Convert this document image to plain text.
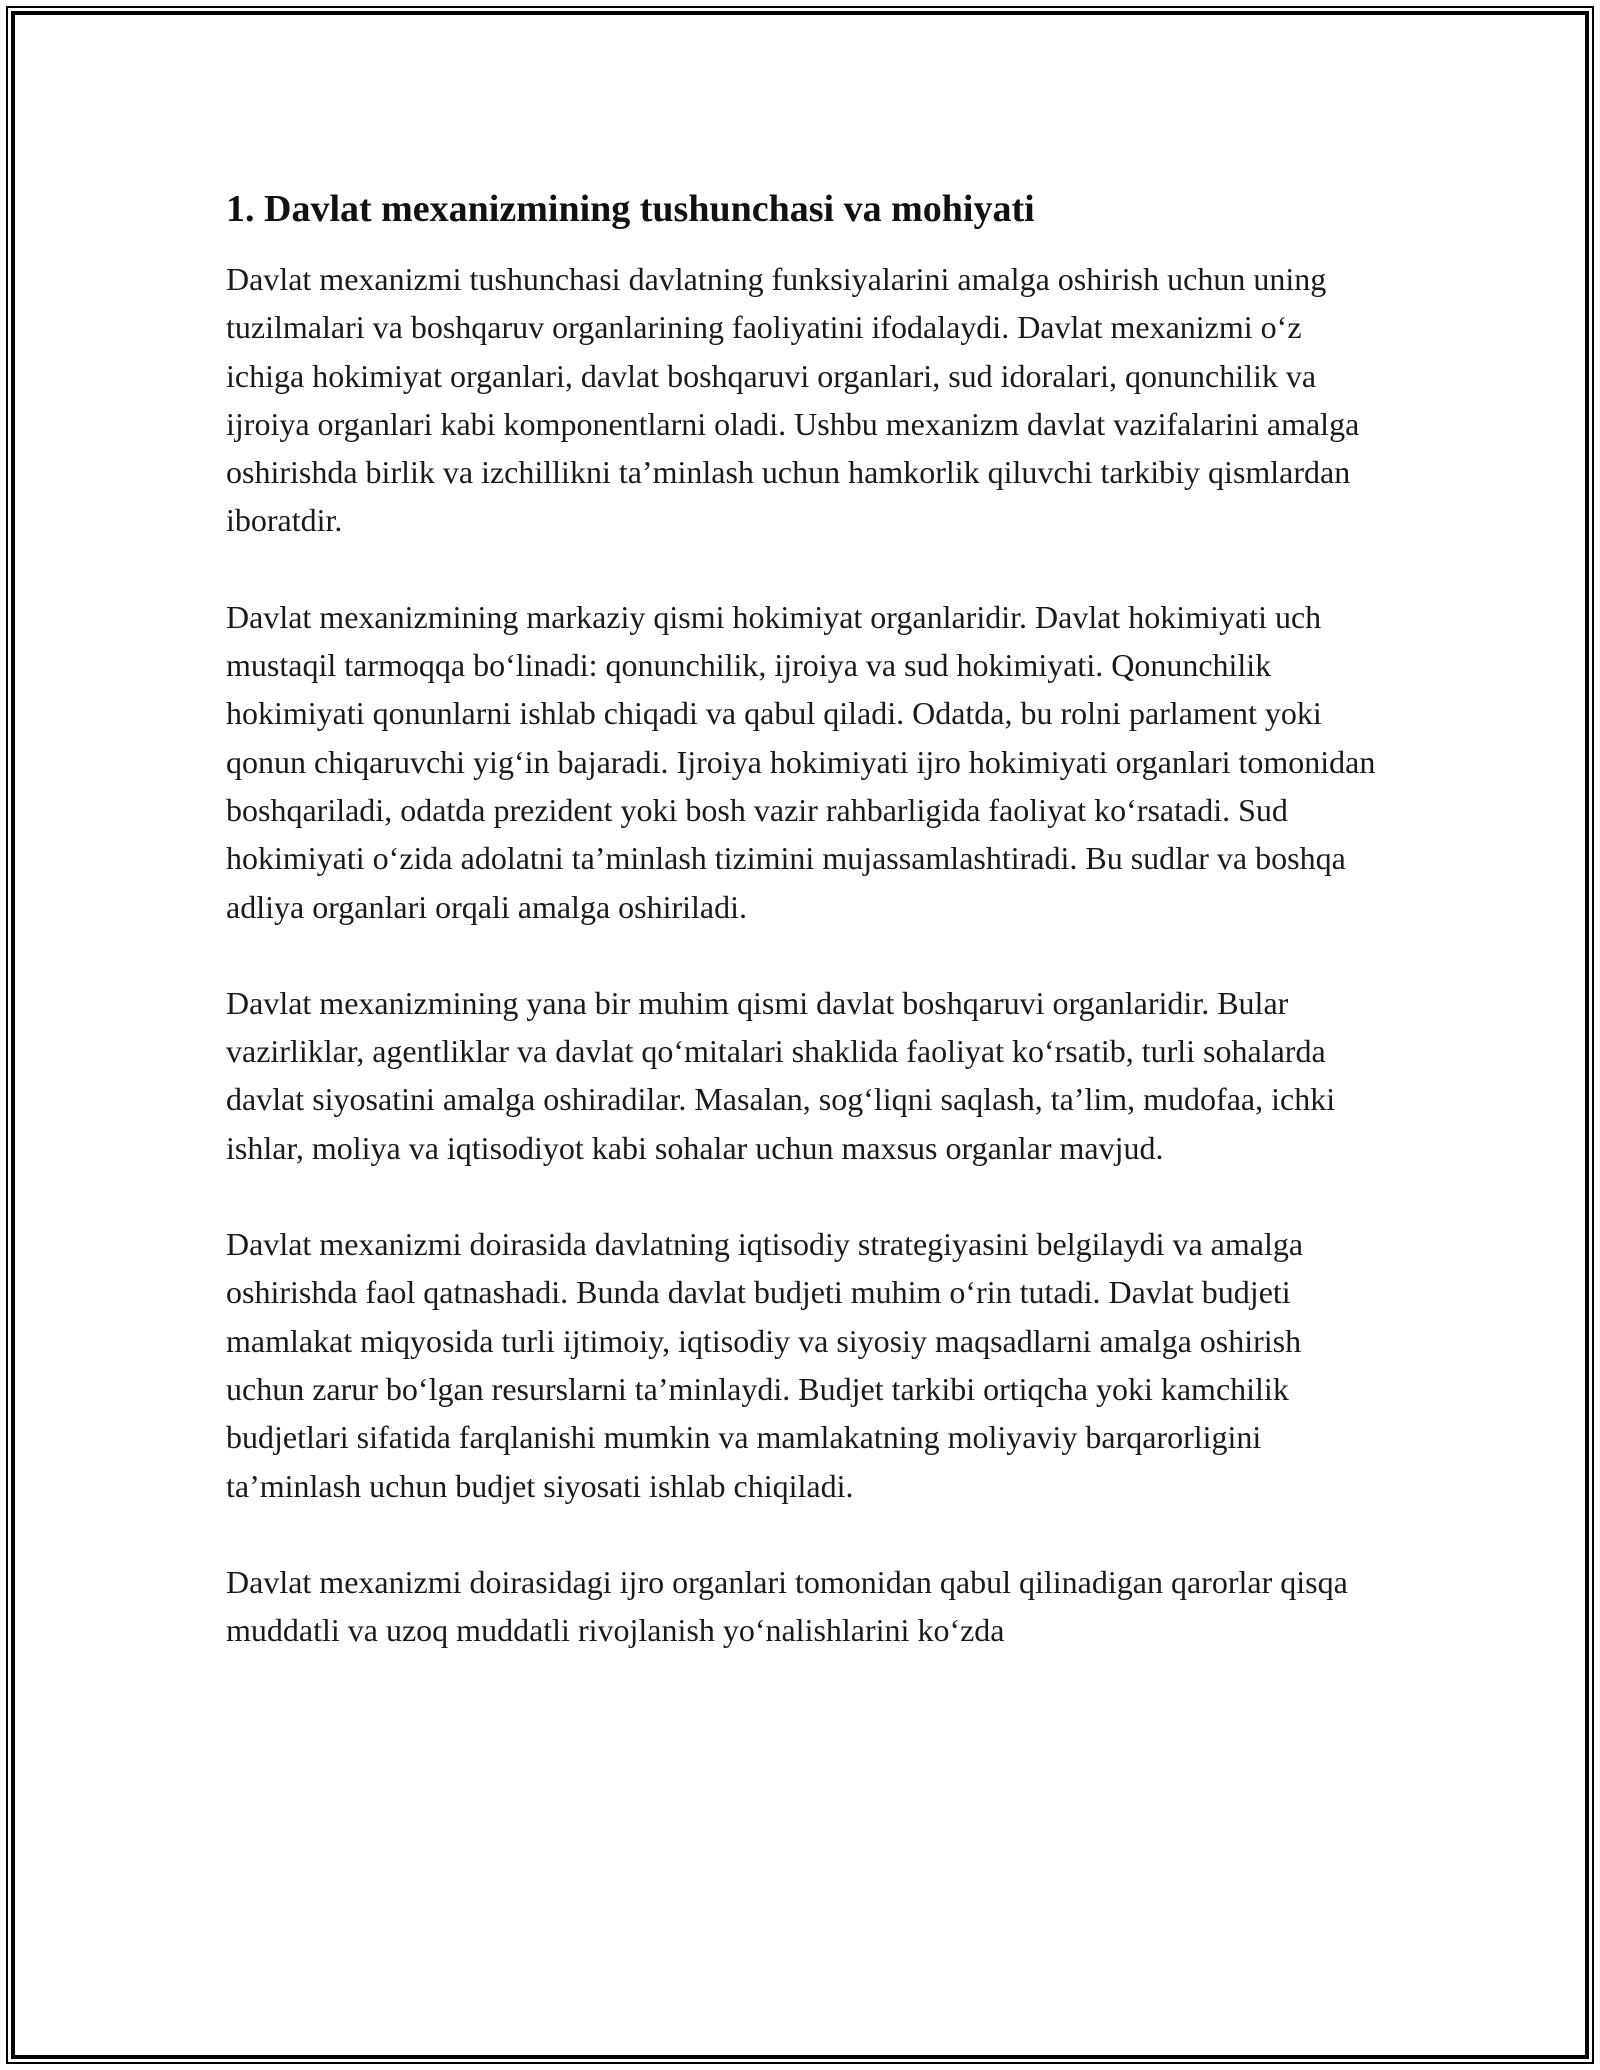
1. Davlat mexanizmining tushunchasi va mohiyati

Davlat mexanizmi tushunchasi davlatning funksiyalarini amalga oshirish uchun uning tuzilmalari va boshqaruv organlarining faoliyatini ifodalaydi. Davlat mexanizmi o‘z ichiga hokimiyat organlari, davlat boshqaruvi organlari, sud idoralari, qonunchilik va ijroiya organlari kabi komponentlarni oladi. Ushbu mexanizm davlat vazifalarini amalga oshirishda birlik va izchillikni ta’minlash uchun hamkorlik qiluvchi tarkibiy qismlardan iboratdir.

Davlat mexanizmining markaziy qismi hokimiyat organlaridir. Davlat hokimiyati uch mustaqil tarmoqqa bo‘linadi: qonunchilik, ijroiya va sud hokimiyati. Qonunchilik hokimiyati qonunlarni ishlab chiqadi va qabul qiladi. Odatda, bu rolni parlament yoki qonun chiqaruvchi yig‘in bajaradi. Ijroiya hokimiyati ijro hokimiyati organlari tomonidan boshqariladi, odatda prezident yoki bosh vazir rahbarligida faoliyat ko‘rsatadi. Sud hokimiyati o‘zida adolatni ta’minlash tizimini mujassamlashtiradi. Bu sudlar va boshqa adliya organlari orqali amalga oshiriladi.

Davlat mexanizmining yana bir muhim qismi davlat boshqaruvi organlaridir. Bular vazirliklar, agentliklar va davlat qo‘mitalari shaklida faoliyat ko‘rsatib, turli sohalarda davlat siyosatini amalga oshiradilar. Masalan, sog‘liqni saqlash, ta’lim, mudofaa, ichki ishlar, moliya va iqtisodiyot kabi sohalar uchun maxsus organlar mavjud.

Davlat mexanizmi doirasida davlatning iqtisodiy strategiyasini belgilaydi va amalga oshirishda faol qatnashadi. Bunda davlat budjeti muhim o‘rin tutadi. Davlat budjeti mamlakat miqyosida turli ijtimoiy, iqtisodiy va siyosiy maqsadlarni amalga oshirish uchun zarur bo‘lgan resurslarni ta’minlaydi. Budjet tarkibi ortiqcha yoki kamchilik budjetlari sifatida farqlanishi mumkin va mamlakatning moliyaviy barqarorligini ta’minlash uchun budjet siyosati ishlab chiqiladi.

Davlat mexanizmi doirasidagi ijro organlari tomonidan qabul qilinadigan qarorlar qisqa muddatli va uzoq muddatli rivojlanish yo‘nalishlarini ko‘zda
